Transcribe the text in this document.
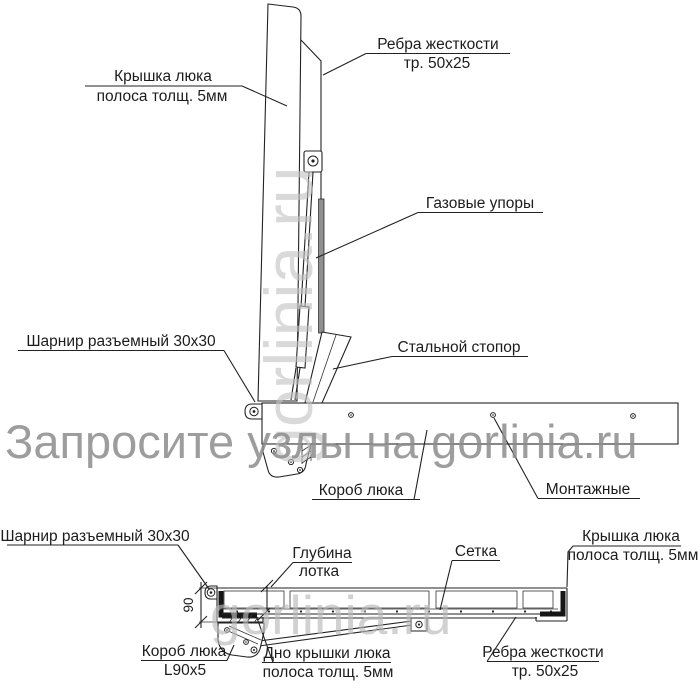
Крышка люка
полоса толщ. 5мм
Ребра жесткости
тр. 50х25
Газовые упоры
Шарнир разъемный 30х30	Стальной стопор
Короб люка	Монтажные
90
Шарнир разъемный 30х30
Глубина
лотка
Сетка
Крышка люка
полоса толщ. 5мм
Ребра жесткости
тр. 50х25
Дно крышки люка
полоса толщ. 5мм
Короб люка
L90x5
gorlinia.ru
gorlinia.ru
Запросите узлы на gorlinia.ru
